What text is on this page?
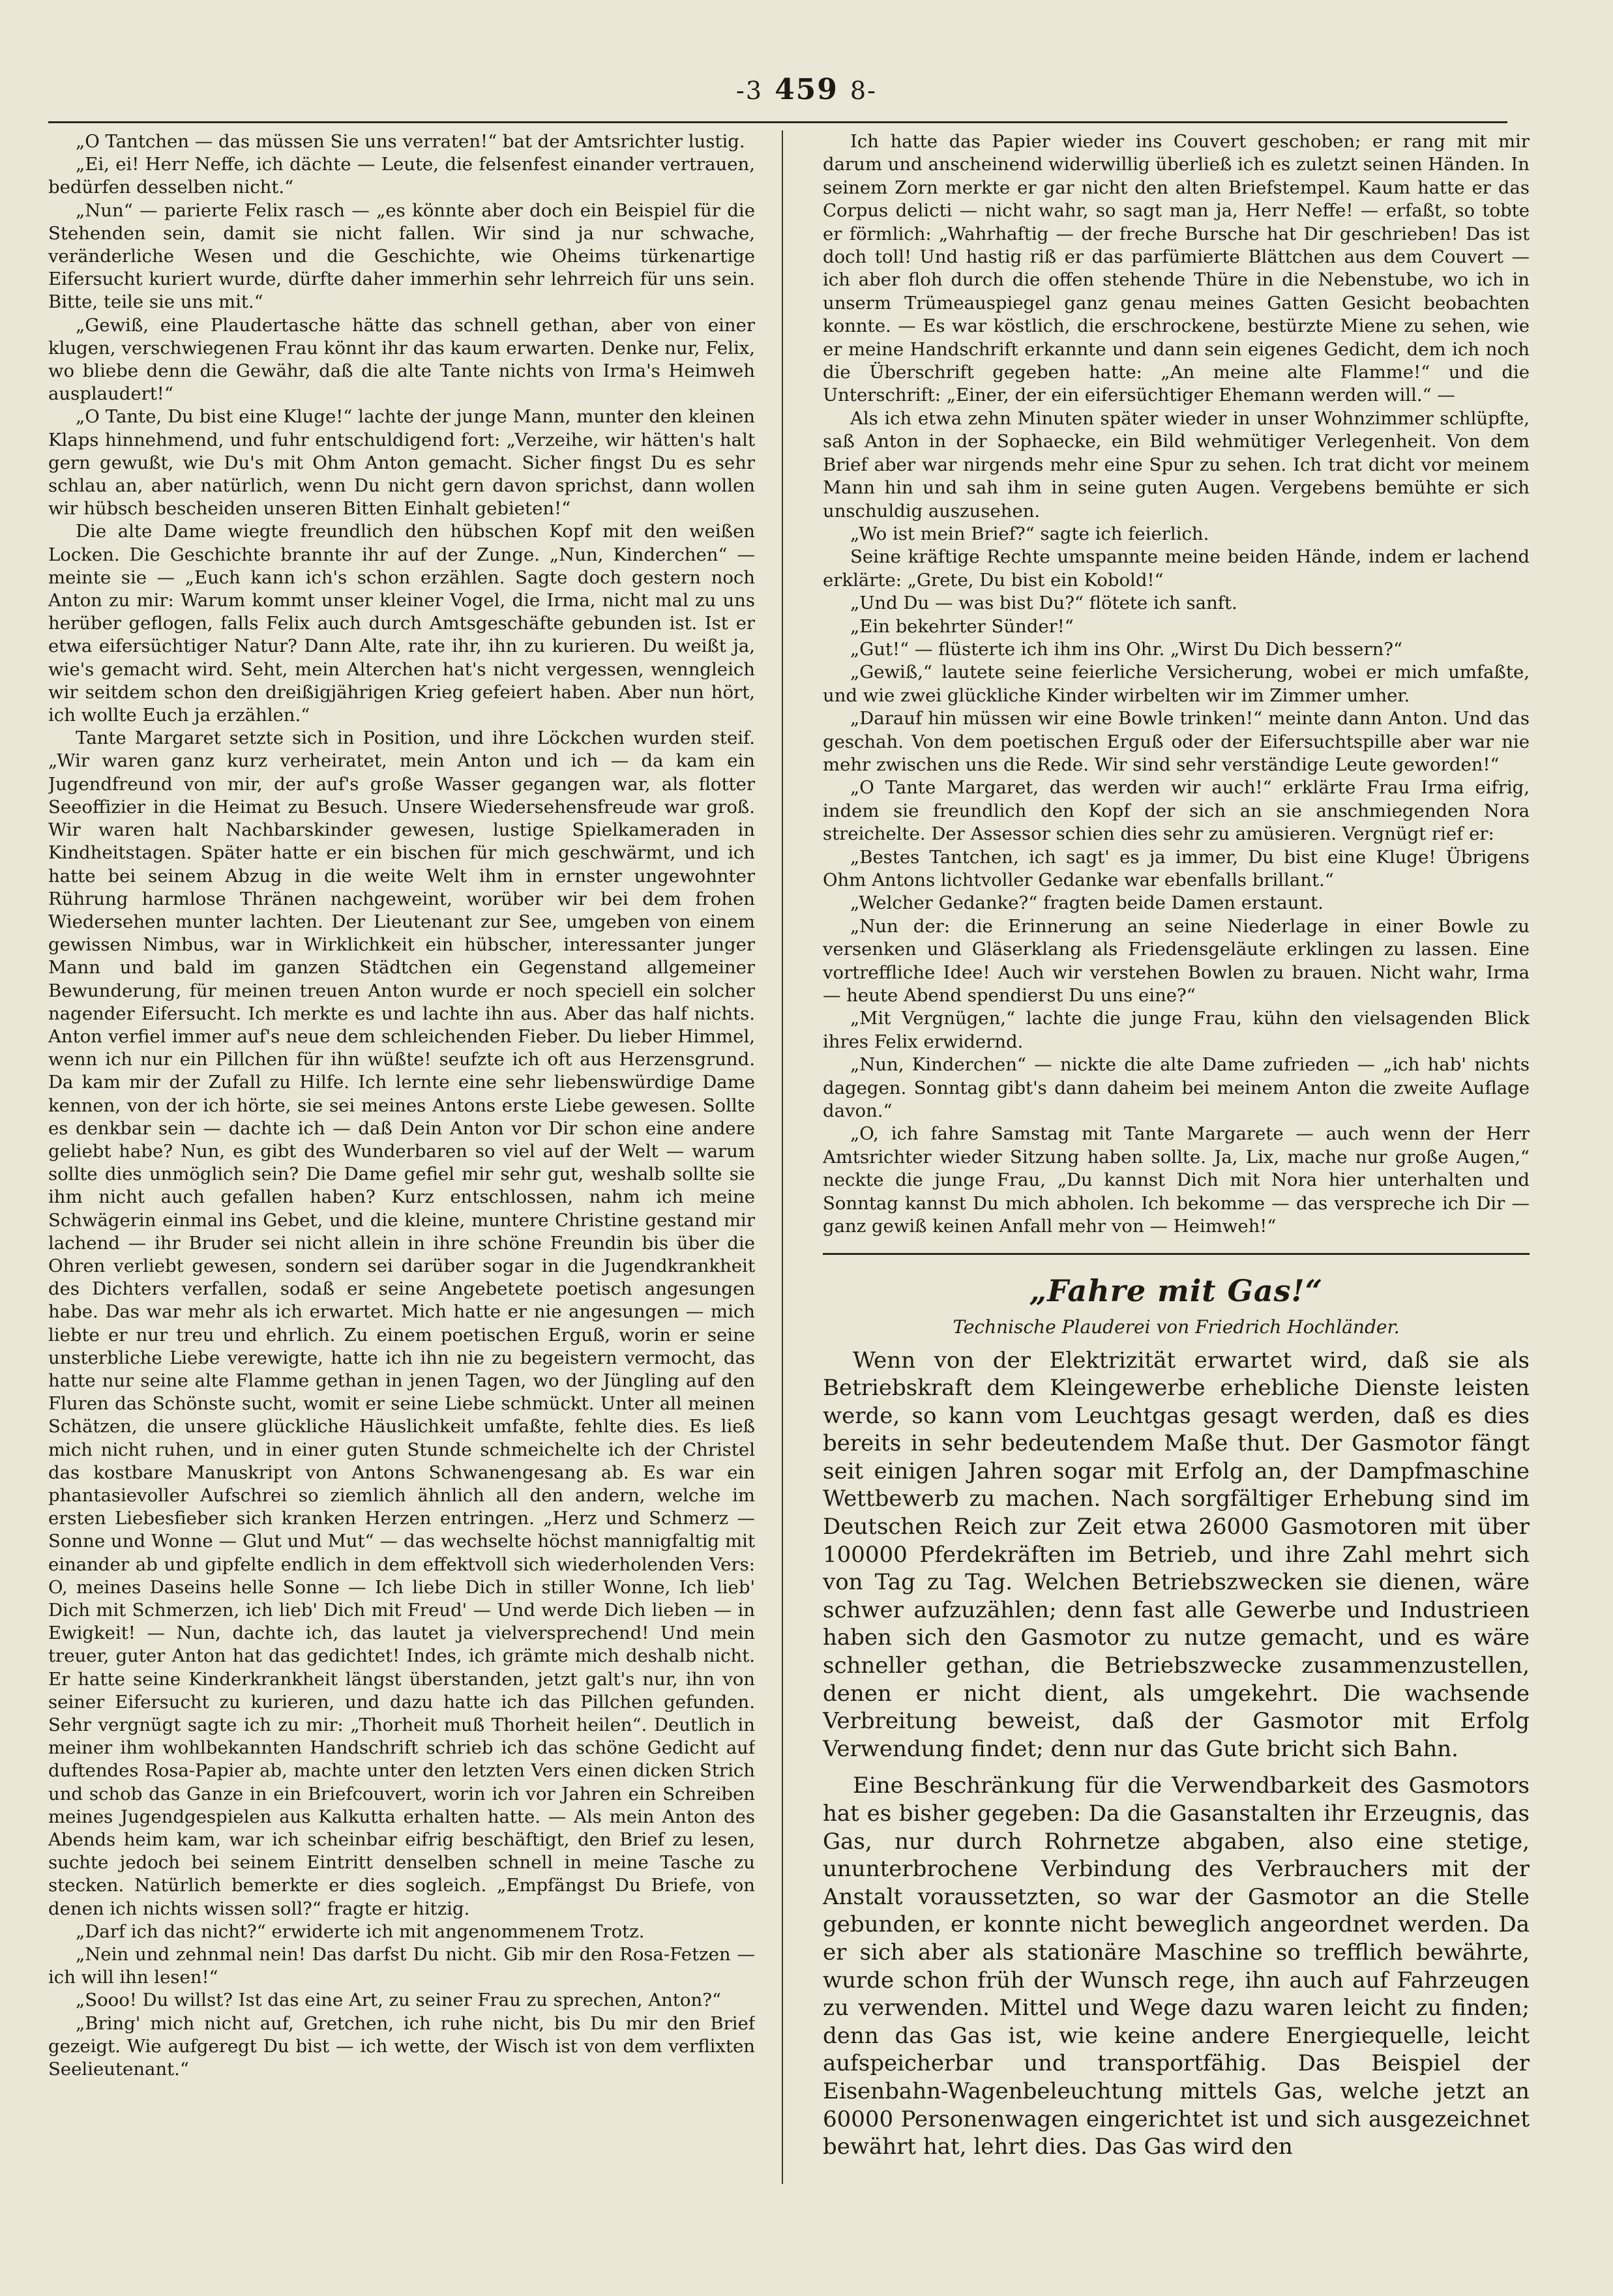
-3 459 8-

„O Tantchen — das müssen Sie uns verraten!“ bat der Amtsrichter lustig.

„Ei, ei! Herr Neffe, ich dächte — Leute, die felsenfest einander vertrauen, bedürfen desselben nicht.“

„Nun“ — parierte Felix rasch — „es könnte aber doch ein Beispiel für die Stehenden sein, damit sie nicht fallen. Wir sind ja nur schwache, veränderliche Wesen und die Geschichte, wie Oheims türkenartige Eifersucht kuriert wurde, dürfte daher immerhin sehr lehrreich für uns sein. Bitte, teile sie uns mit.“

„Gewiß, eine Plaudertasche hätte das schnell gethan, aber von einer klugen, verschwiegenen Frau könnt ihr das kaum erwarten. Denke nur, Felix, wo bliebe denn die Gewähr, daß die alte Tante nichts von Irma's Heimweh ausplaudert!“

„O Tante, Du bist eine Kluge!“ lachte der junge Mann, munter den kleinen Klaps hinnehmend, und fuhr entschuldigend fort: „Verzeihe, wir hätten's halt gern gewußt, wie Du's mit Ohm Anton gemacht. Sicher fingst Du es sehr schlau an, aber natürlich, wenn Du nicht gern davon sprichst, dann wollen wir hübsch bescheiden unseren Bitten Einhalt gebieten!“

Die alte Dame wiegte freundlich den hübschen Kopf mit den weißen Locken. Die Geschichte brannte ihr auf der Zunge. „Nun, Kinderchen“ — meinte sie — „Euch kann ich's schon erzählen. Sagte doch gestern noch Anton zu mir: Warum kommt unser kleiner Vogel, die Irma, nicht mal zu uns herüber geflogen, falls Felix auch durch Amtsgeschäfte gebunden ist. Ist er etwa eifersüchtiger Natur? Dann Alte, rate ihr, ihn zu kurieren. Du weißt ja, wie's gemacht wird. Seht, mein Alterchen hat's nicht vergessen, wenngleich wir seitdem schon den dreißigjährigen Krieg gefeiert haben. Aber nun hört, ich wollte Euch ja erzählen.“

Tante Margaret setzte sich in Position, und ihre Löckchen wurden steif. „Wir waren ganz kurz verheiratet, mein Anton und ich — da kam ein Jugendfreund von mir, der auf's große Wasser gegangen war, als flotter Seeoffizier in die Heimat zu Besuch. Unsere Wiedersehensfreude war groß. Wir waren halt Nachbarskinder gewesen, lustige Spielkameraden in Kindheitstagen. Später hatte er ein bischen für mich geschwärmt, und ich hatte bei seinem Abzug in die weite Welt ihm in ernster ungewohnter Rührung harmlose Thränen nachgeweint, worüber wir bei dem frohen Wiedersehen munter lachten. Der Lieutenant zur See, umgeben von einem gewissen Nimbus, war in Wirklichkeit ein hübscher, interessanter junger Mann und bald im ganzen Städtchen ein Gegenstand allgemeiner Bewunderung, für meinen treuen Anton wurde er noch speciell ein solcher nagender Eifersucht. Ich merkte es und lachte ihn aus. Aber das half nichts. Anton verfiel immer auf's neue dem schleichenden Fieber. Du lieber Himmel, wenn ich nur ein Pillchen für ihn wüßte! seufzte ich oft aus Herzensgrund. Da kam mir der Zufall zu Hilfe. Ich lernte eine sehr liebenswürdige Dame kennen, von der ich hörte, sie sei meines Antons erste Liebe gewesen. Sollte es denkbar sein — dachte ich — daß Dein Anton vor Dir schon eine andere geliebt habe? Nun, es gibt des Wunderbaren so viel auf der Welt — warum sollte dies unmöglich sein? Die Dame gefiel mir sehr gut, weshalb sollte sie ihm nicht auch gefallen haben? Kurz entschlossen, nahm ich meine Schwägerin einmal ins Gebet, und die kleine, muntere Christine gestand mir lachend — ihr Bruder sei nicht allein in ihre schöne Freundin bis über die Ohren verliebt gewesen, sondern sei darüber sogar in die Jugendkrankheit des Dichters verfallen, sodaß er seine Angebetete poetisch angesungen habe. Das war mehr als ich erwartet. Mich hatte er nie angesungen — mich liebte er nur treu und ehrlich. Zu einem poetischen Erguß, worin er seine unsterbliche Liebe verewigte, hatte ich ihn nie zu begeistern vermocht, das hatte nur seine alte Flamme gethan in jenen Tagen, wo der Jüngling auf den Fluren das Schönste sucht, womit er seine Liebe schmückt. Unter all meinen Schätzen, die unsere glückliche Häuslichkeit umfaßte, fehlte dies. Es ließ mich nicht ruhen, und in einer guten Stunde schmeichelte ich der Christel das kostbare Manuskript von Antons Schwanengesang ab. Es war ein phantasievoller Aufschrei so ziemlich ähnlich all den andern, welche im ersten Liebesfieber sich kranken Herzen entringen. „Herz und Schmerz — Sonne und Wonne — Glut und Mut“ — das wechselte höchst mannigfaltig mit einander ab und gipfelte endlich in dem effektvoll sich wiederholenden Vers: O, meines Daseins helle Sonne — Ich liebe Dich in stiller Wonne, Ich lieb' Dich mit Schmerzen, ich lieb' Dich mit Freud' — Und werde Dich lieben — in Ewigkeit! — Nun, dachte ich, das lautet ja vielversprechend! Und mein treuer, guter Anton hat das gedichtet! Indes, ich grämte mich deshalb nicht. Er hatte seine Kinderkrankheit längst überstanden, jetzt galt's nur, ihn von seiner Eifersucht zu kurieren, und dazu hatte ich das Pillchen gefunden. Sehr vergnügt sagte ich zu mir: „Thorheit muß Thorheit heilen“. Deutlich in meiner ihm wohlbekannten Handschrift schrieb ich das schöne Gedicht auf duftendes Rosa-Papier ab, machte unter den letzten Vers einen dicken Strich und schob das Ganze in ein Briefcouvert, worin ich vor Jahren ein Schreiben meines Jugendgespielen aus Kalkutta erhalten hatte. — Als mein Anton des Abends heim kam, war ich scheinbar eifrig beschäftigt, den Brief zu lesen, suchte jedoch bei seinem Eintritt denselben schnell in meine Tasche zu stecken. Natürlich bemerkte er dies sogleich. „Empfängst Du Briefe, von denen ich nichts wissen soll?“ fragte er hitzig.

„Darf ich das nicht?“ erwiderte ich mit angenommenem Trotz.

„Nein und zehnmal nein! Das darfst Du nicht. Gib mir den Rosa-Fetzen — ich will ihn lesen!“

„Sooo! Du willst? Ist das eine Art, zu seiner Frau zu sprechen, Anton?“

„Bring' mich nicht auf, Gretchen, ich ruhe nicht, bis Du mir den Brief gezeigt. Wie aufgeregt Du bist — ich wette, der Wisch ist von dem verflixten Seelieutenant.“

Ich hatte das Papier wieder ins Couvert geschoben; er rang mit mir darum und anscheinend widerwillig überließ ich es zuletzt seinen Händen. In seinem Zorn merkte er gar nicht den alten Briefstempel. Kaum hatte er das Corpus delicti — nicht wahr, so sagt man ja, Herr Neffe! — erfaßt, so tobte er förmlich: „Wahrhaftig — der freche Bursche hat Dir geschrieben! Das ist doch toll! Und hastig riß er das parfümierte Blättchen aus dem Couvert — ich aber floh durch die offen stehende Thüre in die Nebenstube, wo ich in unserm Trümeauspiegel ganz genau meines Gatten Gesicht beobachten konnte. — Es war köstlich, die erschrockene, bestürzte Miene zu sehen, wie er meine Handschrift erkannte und dann sein eigenes Gedicht, dem ich noch die Überschrift gegeben hatte: „An meine alte Flamme!“ und die Unterschrift: „Einer, der ein eifersüchtiger Ehemann werden will.“ —

Als ich etwa zehn Minuten später wieder in unser Wohnzimmer schlüpfte, saß Anton in der Sophaecke, ein Bild wehmütiger Verlegenheit. Von dem Brief aber war nirgends mehr eine Spur zu sehen. Ich trat dicht vor meinem Mann hin und sah ihm in seine guten Augen. Vergebens bemühte er sich unschuldig auszusehen.

„Wo ist mein Brief?“ sagte ich feierlich.

Seine kräftige Rechte umspannte meine beiden Hände, indem er lachend erklärte: „Grete, Du bist ein Kobold!“

„Und Du — was bist Du?“ flötete ich sanft.

„Ein bekehrter Sünder!“

„Gut!“ — flüsterte ich ihm ins Ohr. „Wirst Du Dich bessern?“

„Gewiß,“ lautete seine feierliche Versicherung, wobei er mich umfaßte, und wie zwei glückliche Kinder wirbelten wir im Zimmer umher.

„Darauf hin müssen wir eine Bowle trinken!“ meinte dann Anton. Und das geschah. Von dem poetischen Erguß oder der Eifersuchtspille aber war nie mehr zwischen uns die Rede. Wir sind sehr verständige Leute geworden!“

„O Tante Margaret, das werden wir auch!“ erklärte Frau Irma eifrig, indem sie freundlich den Kopf der sich an sie anschmiegenden Nora streichelte. Der Assessor schien dies sehr zu amüsieren. Vergnügt rief er:

„Bestes Tantchen, ich sagt' es ja immer, Du bist eine Kluge! Übrigens Ohm Antons lichtvoller Gedanke war ebenfalls brillant.“

„Welcher Gedanke?“ fragten beide Damen erstaunt.

„Nun der: die Erinnerung an seine Niederlage in einer Bowle zu versenken und Gläserklang als Friedensgeläute erklingen zu lassen. Eine vortreffliche Idee! Auch wir verstehen Bowlen zu brauen. Nicht wahr, Irma — heute Abend spendierst Du uns eine?“

„Mit Vergnügen,“ lachte die junge Frau, kühn den vielsagenden Blick ihres Felix erwidernd.

„Nun, Kinderchen“ — nickte die alte Dame zufrieden — „ich hab' nichts dagegen. Sonntag gibt's dann daheim bei meinem Anton die zweite Auflage davon.“

„O, ich fahre Samstag mit Tante Margarete — auch wenn der Herr Amtsrichter wieder Sitzung haben sollte. Ja, Lix, mache nur große Augen,“ neckte die junge Frau, „Du kannst Dich mit Nora hier unterhalten und Sonntag kannst Du mich abholen. Ich bekomme — das verspreche ich Dir — ganz gewiß keinen Anfall mehr von — Heimweh!“

„Fahre mit Gas!“
Technische Plauderei von Friedrich Hochländer.

Wenn von der Elektrizität erwartet wird, daß sie als Betriebskraft dem Kleingewerbe erhebliche Dienste leisten werde, so kann vom Leuchtgas gesagt werden, daß es dies bereits in sehr bedeutendem Maße thut. Der Gasmotor fängt seit einigen Jahren sogar mit Erfolg an, der Dampfmaschine Wettbewerb zu machen. Nach sorgfältiger Erhebung sind im Deutschen Reich zur Zeit etwa 26000 Gasmotoren mit über 100000 Pferdekräften im Betrieb, und ihre Zahl mehrt sich von Tag zu Tag. Welchen Betriebszwecken sie dienen, wäre schwer aufzuzählen; denn fast alle Gewerbe und Industrieen haben sich den Gasmotor zu nutze gemacht, und es wäre schneller gethan, die Betriebszwecke zusammenzustellen, denen er nicht dient, als umgekehrt. Die wachsende Verbreitung beweist, daß der Gasmotor mit Erfolg Verwendung findet; denn nur das Gute bricht sich Bahn.

Eine Beschränkung für die Verwendbarkeit des Gasmotors hat es bisher gegeben: Da die Gasanstalten ihr Erzeugnis, das Gas, nur durch Rohrnetze abgaben, also eine stetige, ununterbrochene Verbindung des Verbrauchers mit der Anstalt voraussetzten, so war der Gasmotor an die Stelle gebunden, er konnte nicht beweglich angeordnet werden. Da er sich aber als stationäre Maschine so trefflich bewährte, wurde schon früh der Wunsch rege, ihn auch auf Fahrzeugen zu verwenden. Mittel und Wege dazu waren leicht zu finden; denn das Gas ist, wie keine andere Energiequelle, leicht aufspeicherbar und transportfähig. Das Beispiel der Eisenbahn-Wagenbeleuchtung mittels Gas, welche jetzt an 60000 Personenwagen eingerichtet ist und sich ausgezeichnet bewährt hat, lehrt dies. Das Gas wird den
